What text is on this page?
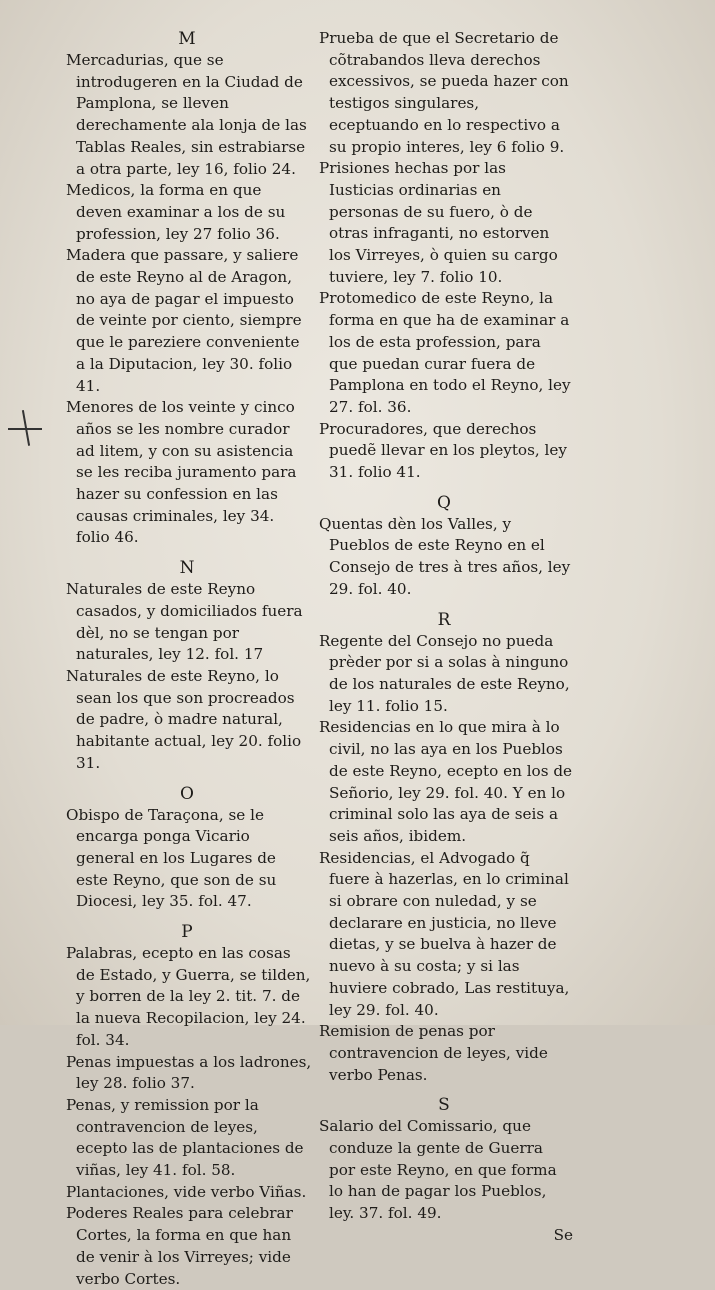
M
Mercadurias, que se introdugeren en la Ciudad de Pamplona, se lleven derechamente ala lonja de las Tablas Reales, sin estrabiarse a otra parte, ley 16, folio 24.
Medicos, la forma en que deven examinar a los de su profession, ley 27 folio 36.
Madera que passare, y saliere de este Reyno al de Aragon, no aya de pagar el impuesto de veinte por ciento, siempre que le pareziere conveniente a la Diputacion, ley 30. folio 41.
Menores de los veinte y cinco años se les nombre curador ad litem, y con su asistencia se les reciba juramento para hazer su confession en las causas criminales, ley 34. folio 46.
N
Naturales de este Reyno casados, y domiciliados fuera dèl, no se tengan por naturales, ley 12. fol. 17
Naturales de este Reyno, lo sean los que son procreados de padre, ò madre natural, habitante actual, ley 20. folio 31.
O
Obispo de Taraçona, se le encarga ponga Vicario general en los Lugares de este Reyno, que son de su Diocesi, ley 35. fol. 47.
P
Palabras, ecepto en las cosas de Estado, y Guerra, se tilden, y borren de la ley 2. tit. 7. de la nueva Recopilacion, ley 24. fol. 34.
Penas impuestas a los ladrones, ley 28. folio 37.
Penas, y remission por la contravencion de leyes, ecepto las de plantaciones de viñas, ley 41. fol. 58.
Plantaciones, vide verbo Viñas.
Poderes Reales para celebrar Cortes, la forma en que han de venir à los Virreyes; vide verbo Cortes.
Prueba de que el Secretario de cõtrabandos lleva derechos excessivos, se pueda hazer con testigos singulares, eceptuando en lo respectivo a su propio interes, ley 6 folio 9.
Prisiones hechas por las Iusticias ordinarias en personas de su fuero, ò de otras infraganti, no estorven los Virreyes, ò quien su cargo tuviere, ley 7. folio 10.
Protomedico de este Reyno, la forma en que ha de examinar a los de esta profession, para que puedan curar fuera de Pamplona en todo el Reyno, ley 27. fol. 36.
Procuradores, que derechos puedẽ llevar en los pleytos, ley 31. folio 41.
Q
Quentas dèn los Valles, y Pueblos de este Reyno en el Consejo de tres à tres años, ley 29. fol. 40.
R
Regente del Consejo no pueda prèder por si a solas à ninguno de los naturales de este Reyno, ley 11. folio 15.
Residencias en lo que mira à lo civil, no las aya en los Pueblos de este Reyno, ecepto en los de Señorio, ley 29. fol. 40. Y en lo criminal solo las aya de seis a seis años, ibidem.
Residencias, el Advogado q̃ fuere à hazerlas, en lo criminal si obrare con nuledad, y se declarare en justicia, no lleve dietas, y se buelva à hazer de nuevo à su costa; y si las huviere cobrado, Las restituya, ley 29. fol. 40.
Remision de penas por contravencion de leyes, vide verbo Penas.
S
Salario del Comissario, que conduze la gente de Guerra por este Reyno, en que forma lo han de pagar los Pueblos, ley. 37. fol. 49.
Se
